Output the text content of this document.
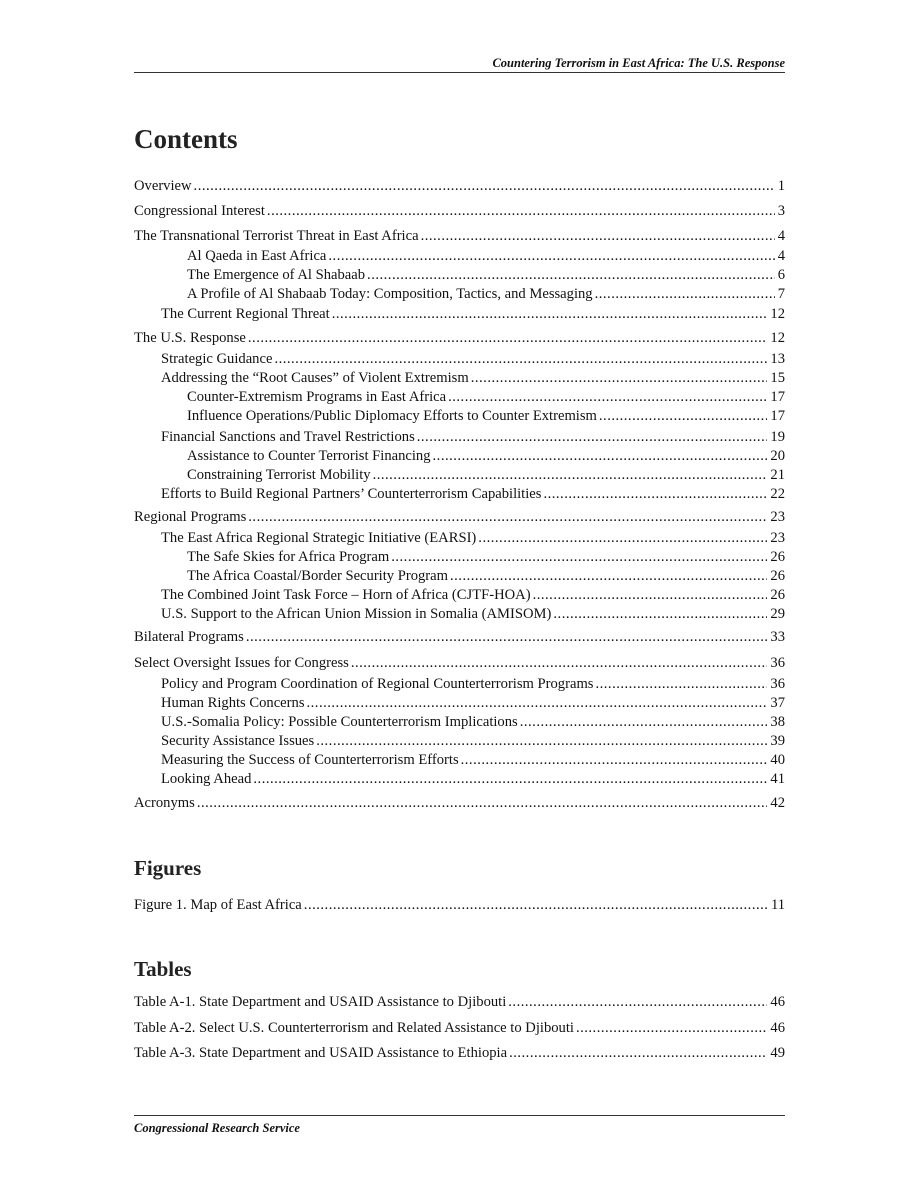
Countering Terrorism in East Africa: The U.S. Response
Contents
Overview .....	1
Congressional Interest .....	3
The Transnational Terrorist Threat in East Africa .....	4
Al Qaeda in East Africa .....	4
The Emergence of Al Shabaab .....	6
A Profile of Al Shabaab Today: Composition, Tactics, and Messaging .....	7
The Current Regional Threat .....	12
The U.S. Response .....	12
Strategic Guidance .....	13
Addressing the “Root Causes” of Violent Extremism .....	15
Counter-Extremism Programs in East Africa .....	17
Influence Operations/Public Diplomacy Efforts to Counter Extremism .....	17
Financial Sanctions and Travel Restrictions .....	19
Assistance to Counter Terrorist Financing .....	20
Constraining Terrorist Mobility .....	21
Efforts to Build Regional Partners’ Counterterrorism Capabilities .....	22
Regional Programs .....	23
The East Africa Regional Strategic Initiative (EARSI) .....	23
The Safe Skies for Africa Program .....	26
The Africa Coastal/Border Security Program .....	26
The Combined Joint Task Force – Horn of Africa (CJTF-HOA) .....	26
U.S. Support to the African Union Mission in Somalia (AMISOM) .....	29
Bilateral Programs .....	33
Select Oversight Issues for Congress .....	36
Policy and Program Coordination of Regional Counterterrorism Programs .....	36
Human Rights Concerns .....	37
U.S.-Somalia Policy: Possible Counterterrorism Implications .....	38
Security Assistance Issues .....	39
Measuring the Success of Counterterrorism Efforts .....	40
Looking Ahead .....	41
Acronyms .....	42
Figures
Figure 1. Map of East Africa .....	11
Tables
Table A-1. State Department and USAID Assistance to Djibouti .....	46
Table A-2. Select U.S. Counterterrorism and Related Assistance to Djibouti .....	46
Table A-3. State Department and USAID Assistance to Ethiopia .....	49
Congressional Research Service
